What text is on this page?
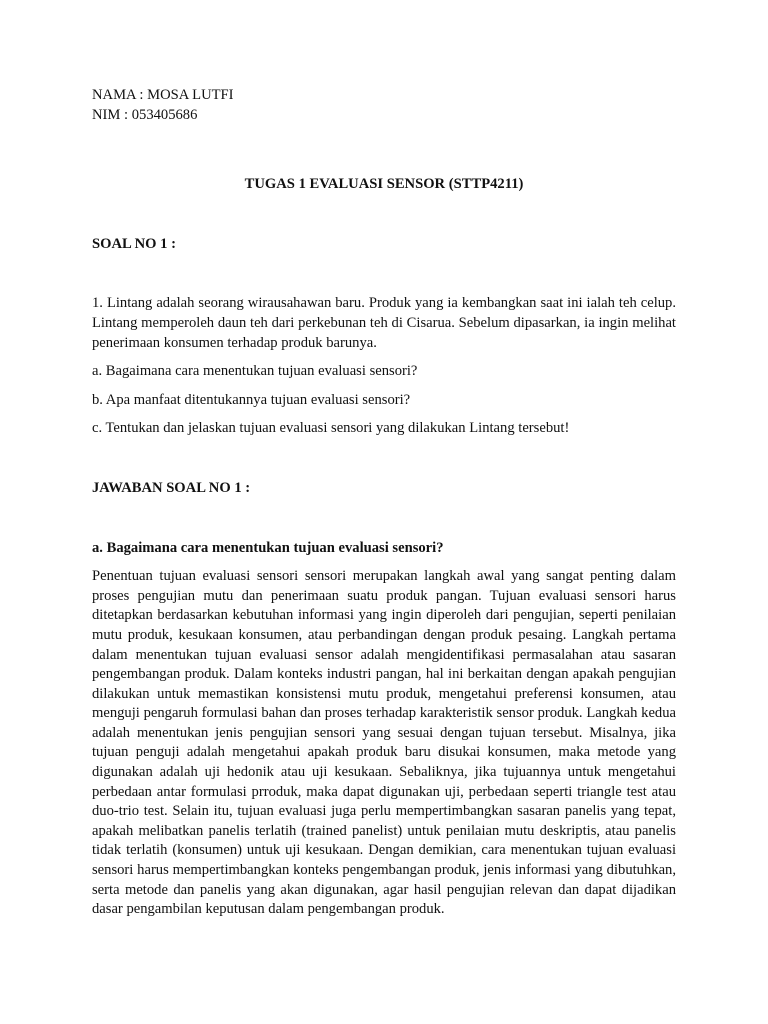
NAMA : MOSA LUTFI

NIM : 053405686

TUGAS 1 EVALUASI SENSOR (STTP4211)

SOAL NO 1 :

1. Lintang adalah seorang wirausahawan baru. Produk yang ia kembangkan saat ini ialah teh celup. Lintang memperoleh daun teh dari perkebunan teh di Cisarua. Sebelum dipasarkan, ia ingin melihat penerimaan konsumen terhadap produk barunya.

a. Bagaimana cara menentukan tujuan evaluasi sensori?

b. Apa manfaat ditentukannya tujuan evaluasi sensori?

c. Tentukan dan jelaskan tujuan evaluasi sensori yang dilakukan Lintang tersebut!

JAWABAN SOAL NO 1 :

a. Bagaimana cara menentukan tujuan evaluasi sensori?

Penentuan tujuan evaluasi sensori sensori merupakan langkah awal yang sangat penting dalam proses pengujian mutu dan penerimaan suatu produk pangan. Tujuan evaluasi sensori harus ditetapkan berdasarkan kebutuhan informasi yang ingin diperoleh dari pengujian, seperti penilaian mutu produk, kesukaan konsumen, atau perbandingan dengan produk pesaing. Langkah pertama dalam menentukan tujuan evaluasi sensor adalah mengidentifikasi permasalahan atau sasaran pengembangan produk. Dalam konteks industri pangan, hal ini berkaitan dengan apakah pengujian dilakukan untuk memastikan konsistensi mutu produk, mengetahui preferensi konsumen, atau menguji pengaruh formulasi bahan dan proses terhadap karakteristik sensor produk. Langkah kedua adalah menentukan jenis pengujian sensori yang sesuai dengan tujuan tersebut. Misalnya, jika tujuan penguji adalah mengetahui apakah produk baru disukai konsumen, maka metode yang digunakan adalah uji hedonik atau uji kesukaan. Sebaliknya, jika tujuannya untuk mengetahui perbedaan antar formulasi prroduk, maka dapat digunakan uji, perbedaan seperti triangle test atau duo-trio test. Selain itu, tujuan evaluasi juga perlu mempertimbangkan sasaran panelis yang tepat, apakah melibatkan panelis terlatih (trained panelist) untuk penilaian mutu deskriptis, atau panelis tidak terlatih (konsumen) untuk uji kesukaan. Dengan demikian, cara menentukan tujuan evaluasi sensori harus mempertimbangkan konteks pengembangan produk, jenis informasi yang dibutuhkan, serta metode dan panelis yang akan digunakan, agar hasil pengujian relevan dan dapat dijadikan dasar pengambilan keputusan dalam pengembangan produk.
